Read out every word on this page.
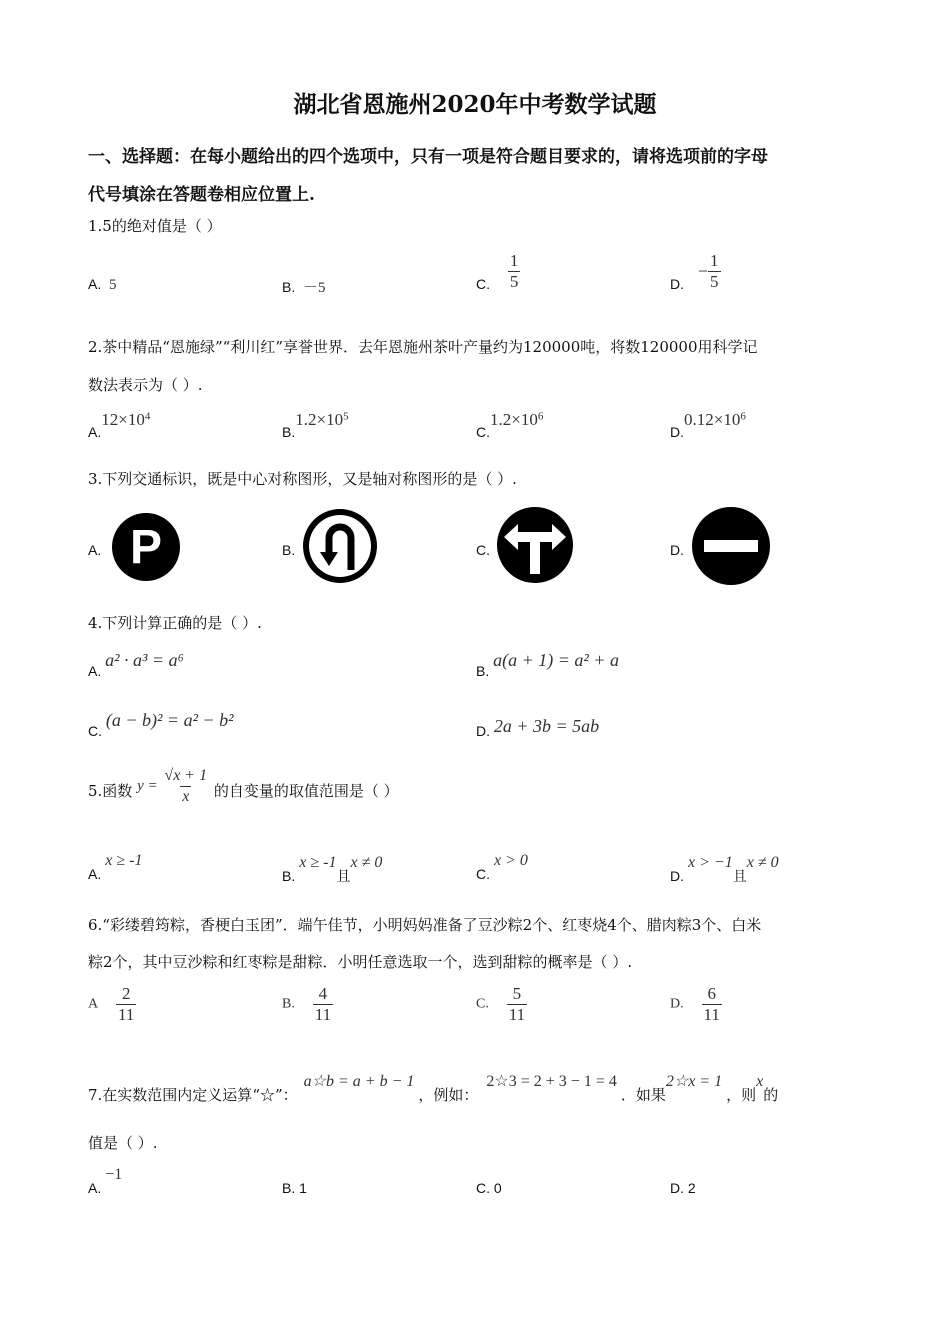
湖北省恩施州2020年中考数学试题
一、选择题：在每小题给出的四个选项中，只有一项是符合题目要求的，请将选项前的字母
代号填涂在答题卷相应位置上.
1.5的绝对值是（ ）
A. 5	B. －5	C. $\frac{1}{5}$	D. − $\frac{1}{5}$
2.茶中精品“恩施绿”“利川红”享誉世界．去年恩施州茶叶产量约为120000吨，将数120000用科学记
数法表示为（ ）.
$A.12\times 10^4$
$B.1.2\times 10^5$
$C.1.2\times 10^6$
$D.0.12\times 10^6$
3.下列交通标识，既是中心对称图形，又是轴对称图形的是（ ）.
A.	B.	C.	D.
P
4.下列计算正确的是（ ）.
A. a² · a³ = a⁶
B. a(a + 1) = a² + a
C. (a − b)² = a² − b²
D. 2a + 3b = 5ab
5.函数 $y = \frac{√x + 1}{x}$ 的自变量的取值范围是（ ）
A.x ≥ -1
B.x ≥ -1且x ≠ 0
C.x > 0
D.x > −1且x ≠ 0
6.“彩缕碧筠粽，香梗白玉团”．端午佳节，小明妈妈准备了豆沙粽2个、红枣烧4个、腊肉粽3个、白米
粽2个，其中豆沙粽和红枣粽是甜粽．小明任意选取一个，选到甜粽的概率是（ ）.
A $\frac{2}{11}$	B. $\frac{4}{11}$	C. $\frac{5}{11}$	D. $\frac{6}{11}$
7.在实数范围内定义运算“☆”：a☆b = a + b − 1，例如：2☆3 = 2 + 3 − 1 = 4．如果2☆x = 1，则x的
值是（ ）.
A.−1
B. 1	C. 0	D. 2
